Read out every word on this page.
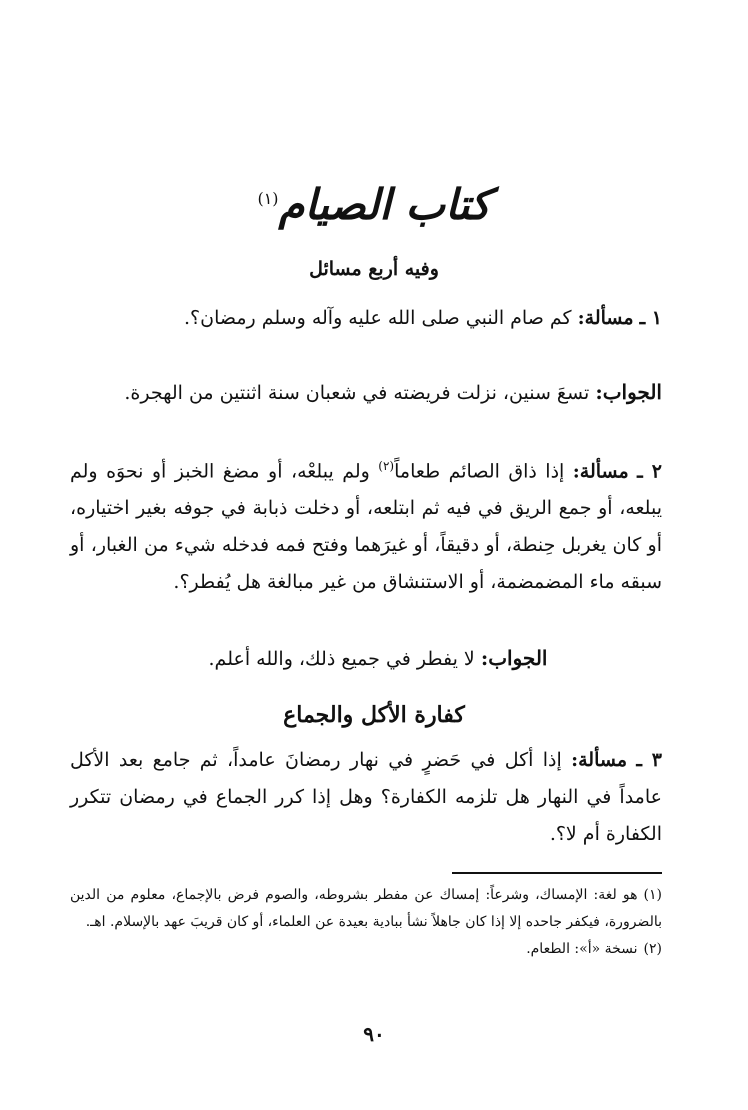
كتاب الصيام$^{(١)}$
وفيه أربع مسائل
١ ـ مسألة: كم صام النبي صلى الله عليه وآله وسلم رمضان؟.
الجواب: تسعَ سنين، نزلت فريضته في شعبان سنة اثنتين من الهجرة.
٢ ـ مسألة: إذا ذاق الصائم طعاماً$^{(٢)}$ ولم يبلعْه، أو مضغ الخبز أو نحوَه ولم يبلعه، أو جمع الريق في فيه ثم ابتلعه، أو دخلت ذبابة في جوفه بغير اختياره، أو كان يغربل حِنطة، أو دقيقاً، أو غيرَهما وفتح فمه فدخله شيء من الغبار، أو سبقه ماء المضمضمة، أو الاستنشاق من غير مبالغة هل يُفطر؟.
الجواب: لا يفطر في جميع ذلك، والله أعلم.
كفارة الأكل والجماع
٣ ـ مسألة: إذا أكل في حَضرٍ في نهار رمضانَ عامداً، ثم جامع بعد الأكل عامداً في النهار هل تلزمه الكفارة؟ وهل إذا كرر الجماع في رمضان تتكرر الكفارة أم لا؟.
(١)هو لغة: الإمساك، وشرعاً: إمساك عن مفطر بشروطه، والصوم فرض بالإجماع، معلوم من الدين بالضرورة، فيكفر جاحده إلا إذا كان جاهلاً نشأ ببادية بعيدة عن العلماء، أو كان قريبَ عهد بالإسلام. اهـ.
(٢)نسخة «أ»: الطعام.
٩٠
